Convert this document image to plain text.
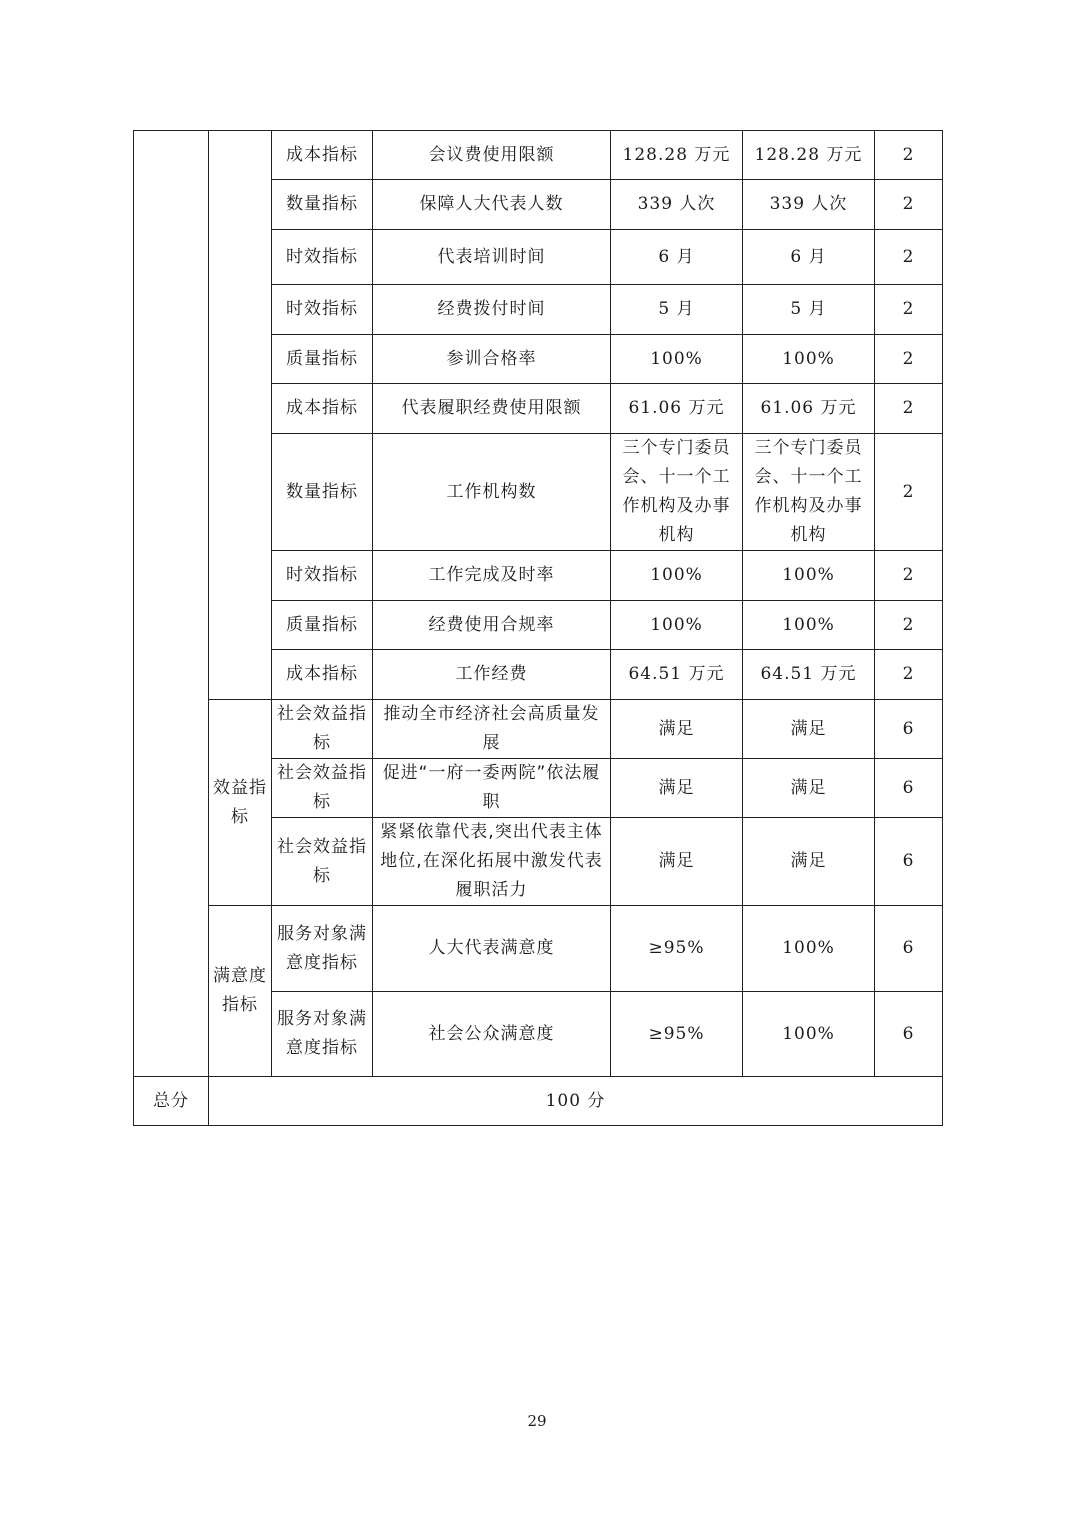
		成本指标	会议费使用限额	128.28 万元	128.28 万元	2
		数量指标	保障人大代表人数	339 人次	339 人次	2
		时效指标	代表培训时间	6 月	6 月	2
		时效指标	经费拨付时间	5 月	5 月	2
		质量指标	参训合格率	100%	100%	2
		成本指标	代表履职经费使用限额	61.06 万元	61.06 万元	2
		数量指标	工作机构数	三个专门委员会、十一个工作机构及办事机构	三个专门委员会、十一个工作机构及办事机构	2
		时效指标	工作完成及时率	100%	100%	2
		质量指标	经费使用合规率	100%	100%	2
		成本指标	工作经费	64.51 万元	64.51 万元	2
	效益指标	社会效益指标	推动全市经济社会高质量发展	满足	满足	6
		社会效益指标	促进“一府一委两院”依法履职	满足	满足	6
		社会效益指标	紧紧依靠代表,突出代表主体地位,在深化拓展中激发代表履职活力	满足	满足	6
	满意度指标	服务对象满意度指标	人大代表满意度	≥95%	100%	6
		服务对象满意度指标	社会公众满意度	≥95%	100%	6
总分	100 分					
29
